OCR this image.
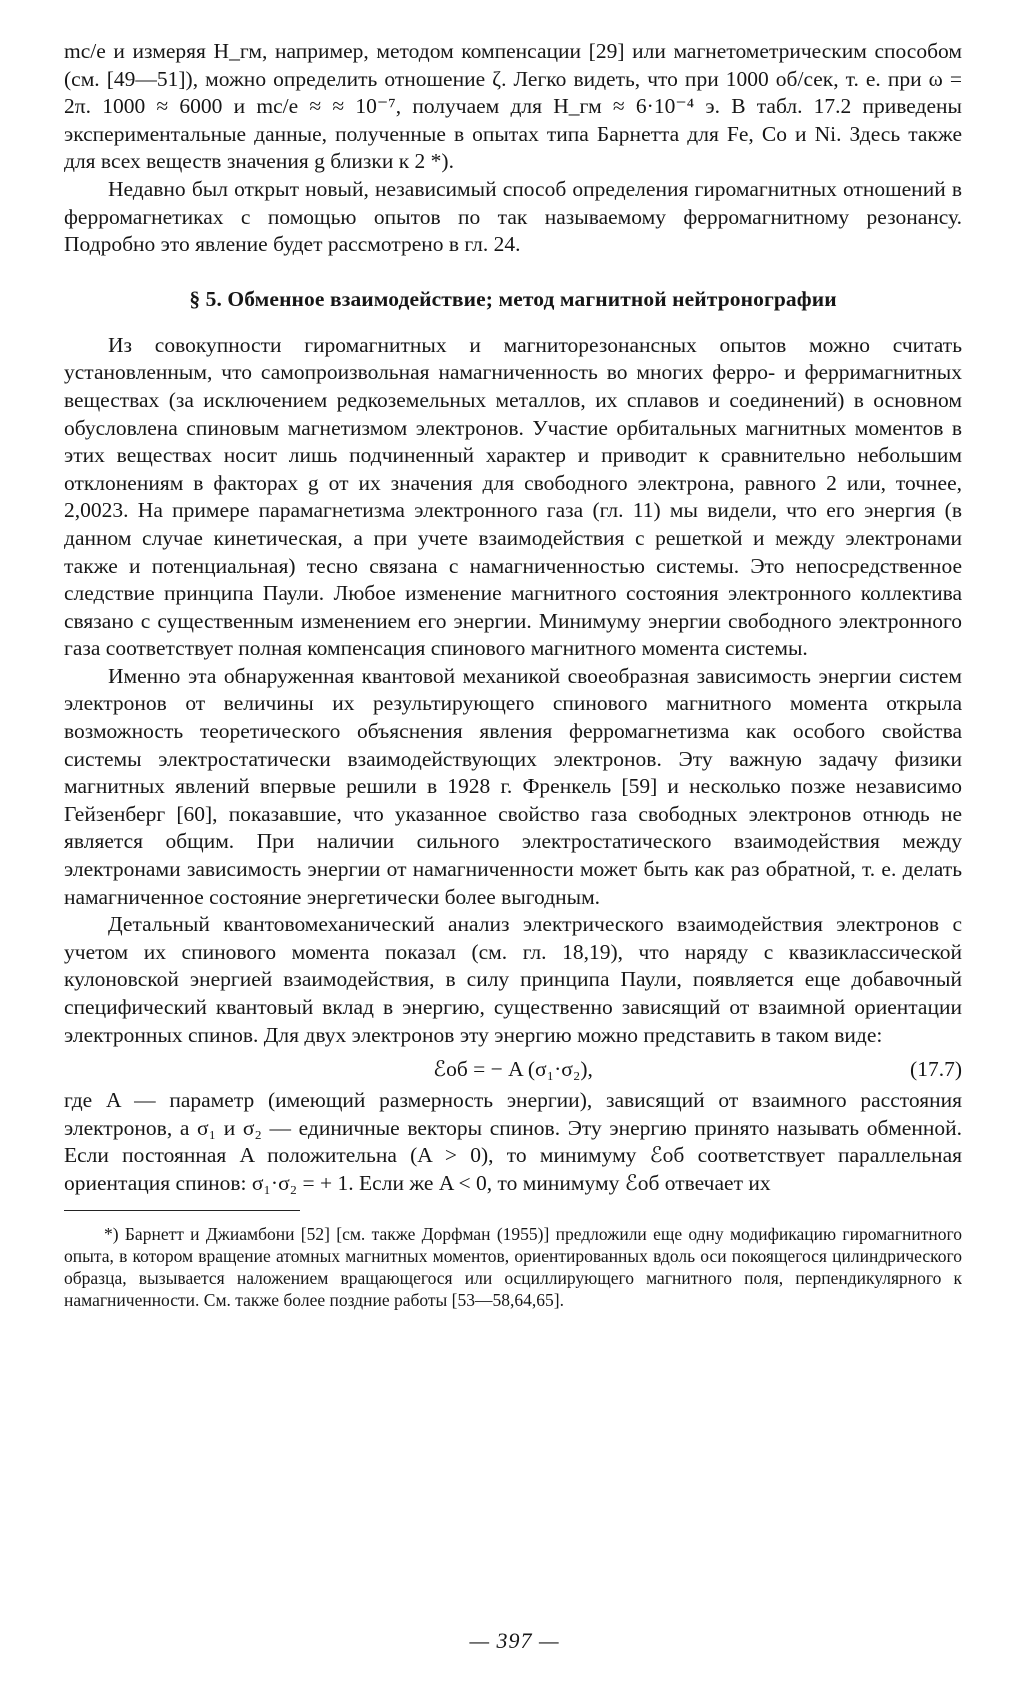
mc/e и измеряя H_гм, например, методом компенсации [29] или магнетометрическим способом (см. [49—51]), можно определить отношение ζ. Легко видеть, что при 1000 об/сек, т. е. при ω = 2π. 1000 ≈ 6000 и mc/e ≈ ≈ 10⁻⁷, получаем для H_гм ≈ 6·10⁻⁴ э. В табл. 17.2 приведены экспериментальные данные, полученные в опытах типа Барнетта для Fe, Co и Ni. Здесь также для всех веществ значения g близки к 2 *).

Недавно был открыт новый, независимый способ определения гиромагнитных отношений в ферромагнетиках с помощью опытов по так называемому ферромагнитному резонансу. Подробно это явление будет рассмотрено в гл. 24.

§ 5. Обменное взаимодействие; метод магнитной нейтронографии

Из совокупности гиромагнитных и магниторезонансных опытов можно считать установленным, что самопроизвольная намагниченность во многих ферро- и ферримагнитных веществах (за исключением редкоземельных металлов, их сплавов и соединений) в основном обусловлена спиновым магнетизмом электронов. Участие орбитальных магнитных моментов в этих веществах носит лишь подчиненный характер и приводит к сравнительно небольшим отклонениям в факторах g от их значения для свободного электрона, равного 2 или, точнее, 2,0023. На примере парамагнетизма электронного газа (гл. 11) мы видели, что его энергия (в данном случае кинетическая, а при учете взаимодействия с решеткой и между электронами также и потенциальная) тесно связана с намагниченностью системы. Это непосредственное следствие принципа Паули. Любое изменение магнитного состояния электронного коллектива связано с существенным изменением его энергии. Минимуму энергии свободного электронного газа соответствует полная компенсация спинового магнитного момента системы.

Именно эта обнаруженная квантовой механикой своеобразная зависимость энергии систем электронов от величины их результирующего спинового магнитного момента открыла возможность теоретического объяснения явления ферромагнетизма как особого свойства системы электростатически взаимодействующих электронов. Эту важную задачу физики магнитных явлений впервые решили в 1928 г. Френкель [59] и несколько позже независимо Гейзенберг [60], показавшие, что указанное свойство газа свободных электронов отнюдь не является общим. При наличии сильного электростатического взаимодействия между электронами зависимость энергии от намагниченности может быть как раз обратной, т. е. делать намагниченное состояние энергетически более выгодным.

Детальный квантовомеханический анализ электрического взаимодействия электронов с учетом их спинового момента показал (см. гл. 18,19), что наряду с квазиклассической кулоновской энергией взаимодействия, в силу принципа Паули, появляется еще добавочный специфический квантовый вклад в энергию, существенно зависящий от взаимной ориентации электронных спинов. Для двух электронов эту энергию можно представить в таком виде:

ℰоб = − A (σ₁·σ₂),	(17.7)

где A — параметр (имеющий размерность энергии), зависящий от взаимного расстояния электронов, а σ₁ и σ₂ — единичные векторы спинов. Эту энергию принято называть обменной. Если постоянная A положительна (A > 0), то минимуму ℰоб соответствует параллельная ориентация спинов: σ₁·σ₂ = + 1. Если же A < 0, то минимуму ℰоб отвечает их

*) Барнетт и Джиамбони [52] [см. также Дорфман (1955)] предложили еще одну модификацию гиромагнитного опыта, в котором вращение атомных магнитных моментов, ориентированных вдоль оси покоящегося цилиндрического образца, вызывается наложением вращающегося или осциллирующего магнитного поля, перпендикулярного к намагниченности. См. также более поздние работы [53—58,64,65].

— 397 —
